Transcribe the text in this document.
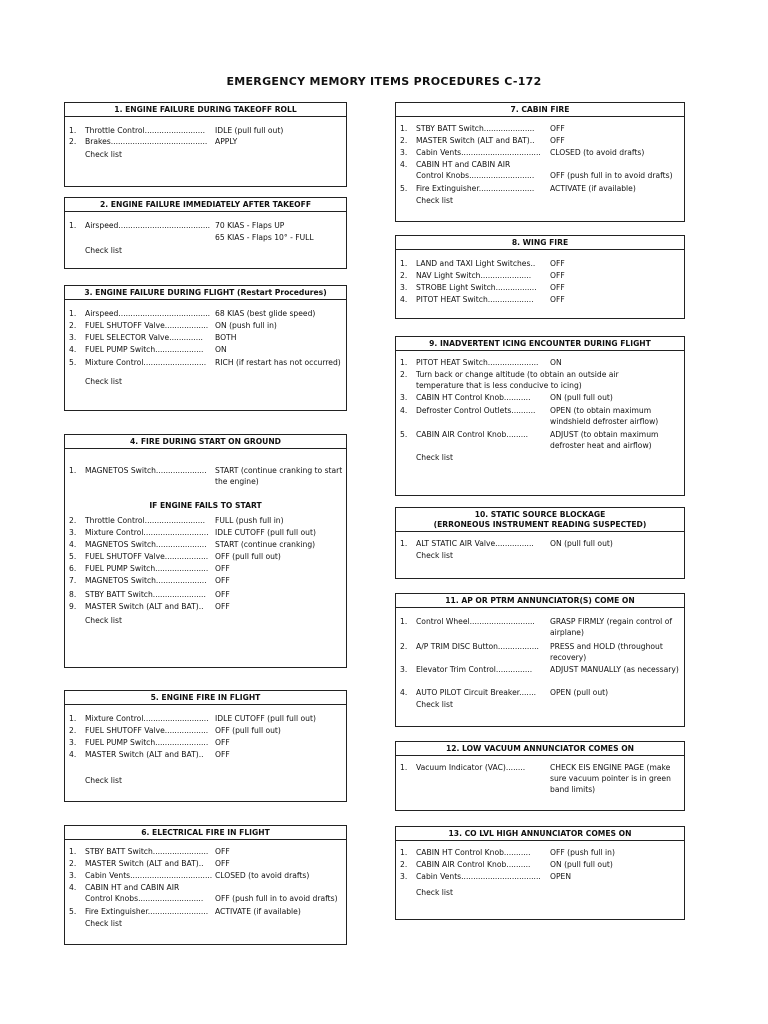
EMERGENCY MEMORY ITEMS PROCEDURES C-172
1. ENGINE FAILURE DURING TAKEOFF ROLL
1.	Throttle Control......................... IDLE (pull full out)
2.	Brakes........................................ APPLY
Check list
2. ENGINE FAILURE IMMEDIATELY AFTER TAKEOFF
1.	Airspeed...................................... 70 KIAS - Flaps UP
65 KIAS - Flaps 10° - FULL
Check list
3. ENGINE FAILURE DURING FLIGHT (Restart Procedures)
1.	Airspeed...................................... 68 KIAS (best glide speed)
2.	FUEL SHUTOFF Valve.................. ON (push full in)
3.	FUEL SELECTOR Valve.............. BOTH
4.	FUEL PUMP Switch.................... ON
5.	Mixture Control.......................... RICH (if restart has not occurred)
Check list
4. FIRE DURING START ON GROUND
1.	MAGNETOS Switch..................... START (continue cranking to start the engine)
IF ENGINE FAILS TO START
2.	Throttle Control......................... FULL (push full in)
3.	Mixture Control........................... IDLE CUTOFF (pull full out)
4.	MAGNETOS Switch..................... START (continue cranking)
5.	FUEL SHUTOFF Valve.................. OFF (pull full out)
6.	FUEL PUMP Switch...................... OFF
7.	MAGNETOS Switch..................... OFF
8.	STBY BATT Switch...................... OFF
9.	MASTER Switch (ALT and BAT).. OFF
Check list
5. ENGINE FIRE IN FLIGHT
1.	Mixture Control........................... IDLE CUTOFF (pull full out)
2.	FUEL SHUTOFF Valve.................. OFF (pull full out)
3.	FUEL PUMP Switch...................... OFF
4.	MASTER Switch (ALT and BAT).. OFF
Check list
6. ELECTRICAL FIRE IN FLIGHT
1.	STBY BATT Switch....................... OFF
2.	MASTER Switch (ALT and BAT).. OFF
3.	Cabin Vents.................................. CLOSED (to avoid drafts)
4.	CABIN HT and CABIN AIR
Control Knobs........................... OFF (push full in to avoid drafts)
5.	Fire Extinguisher......................... ACTIVATE (if available)
Check list
7. CABIN FIRE
1.	STBY BATT Switch..................... OFF
2.	MASTER Switch (ALT and BAT).. OFF
3.	Cabin Vents................................. CLOSED (to avoid drafts)
4.	CABIN HT and CABIN AIR
Control Knobs........................... OFF (push full in to avoid drafts)
5.	Fire Extinguisher....................... ACTIVATE (if available)
Check list
8. WING FIRE
1.	LAND and TAXI Light Switches.. OFF
2.	NAV Light Switch..................... OFF
3.	STROBE Light Switch................. OFF
4.	PITOT HEAT Switch................... OFF
9. INADVERTENT ICING ENCOUNTER DURING FLIGHT
1.	PITOT HEAT Switch..................... ON
2.	Turn back or change altitude (to obtain an outside air
temperature that is less conducive to icing)
3.	CABIN HT Control Knob...........	ON (pull full out)
4.	Defroster Control Outlets.......... OPEN (to obtain maximum windshield defroster airflow)
5.	CABIN AIR Control Knob.........	ADJUST (to obtain maximum defroster heat and airflow)
Check list
10. STATIC SOURCE BLOCKAGE
(ERRONEOUS INSTRUMENT READING SUSPECTED)
1.	ALT STATIC AIR Valve................ ON (pull full out)
Check list
11. AP OR PTRM ANNUNCIATOR(S) COME ON
1.	Control Wheel........................... GRASP FIRMLY (regain control of airplane)
2.	A/P TRIM DISC Button................. PRESS and HOLD (throughout recovery)
3.	Elevator Trim Control............... ADJUST MANUALLY (as necessary)
4.	AUTO PILOT Circuit Breaker....... OPEN (pull out)
Check list
12. LOW VACUUM ANNUNCIATOR COMES ON
1.	Vacuum Indicator (VAC)........	CHECK EIS ENGINE PAGE (make sure vacuum pointer is in green band limits)
13. CO LVL HIGH ANNUNCIATOR COMES ON
1.	CABIN HT Control Knob...........	OFF (push full in)
2.	CABIN AIR Control Knob..........	ON (pull full out)
3.	Cabin Vents................................. OPEN
Check list
